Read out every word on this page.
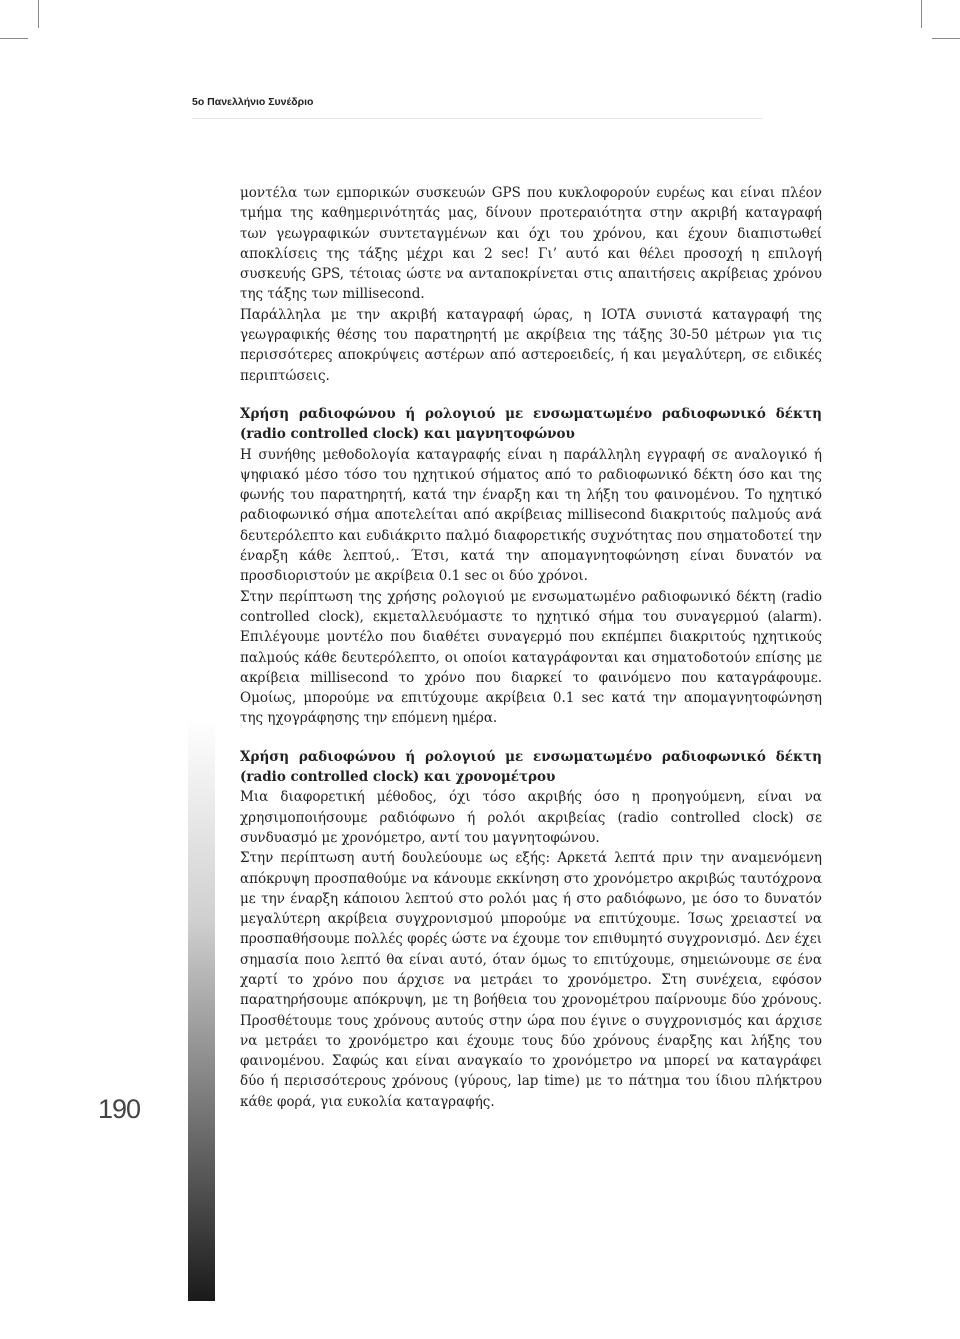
5ο Πανελλήνιο Συνέδριο
190

μοντέλα των εμπορικών συσκευών GPS που κυκλοφορούν ευρέως και είναι πλέον τμήμα της καθημερινότητάς μας, δίνουν προτεραιότητα στην ακριβή καταγραφή των γεωγραφικών συντεταγμένων και όχι του χρόνου, και έχουν διαπιστωθεί αποκλίσεις της τάξης μέχρι και 2 sec! Γι’ αυτό και θέλει προσοχή η επιλογή συσκευής GPS, τέτοιας ώστε να ανταποκρίνεται στις απαιτήσεις ακρίβειας χρόνου της τάξης των millisecond.

Παράλληλα με την ακριβή καταγραφή ώρας, η IOTA συνιστά καταγραφή της γεωγραφικής θέσης του παρατηρητή με ακρίβεια της τάξης 30-50 μέτρων για τις περισσότερες αποκρύψεις αστέρων από αστεροειδείς, ή και μεγαλύτερη, σε ειδικές περιπτώσεις.

Χρήση ραδιοφώνου ή ρολογιού με ενσωματωμένο ραδιοφωνικό δέκτη (radio controlled clock) και μαγνητοφώνου

Η συνήθης μεθοδολογία καταγραφής είναι η παράλληλη εγγραφή σε αναλογικό ή ψηφιακό μέσο τόσο του ηχητικού σήματος από το ραδιοφωνικό δέκτη όσο και της φωνής του παρατηρητή, κατά την έναρξη και τη λήξη του φαινομένου. Το ηχητικό ραδιοφωνικό σήμα αποτελείται από ακρίβειας millisecond διακριτούς παλμούς ανά δευτερόλεπτο και ευδιάκριτο παλμό διαφορετικής συχνότητας που σηματοδοτεί την έναρξη κάθε λεπτού,. Έτσι, κατά την απομαγνητοφώνηση είναι δυνατόν να προσδιοριστούν με ακρίβεια 0.1 sec οι δύο χρόνοι.

Στην περίπτωση της χρήσης ρολογιού με ενσωματωμένο ραδιοφωνικό δέκτη (radio controlled clock), εκμεταλλευόμαστε το ηχητικό σήμα του συναγερμού (alarm). Επιλέγουμε μοντέλο που διαθέτει συναγερμό που εκπέμπει διακριτούς ηχητικούς παλμούς κάθε δευτερόλεπτο, οι οποίοι καταγράφονται και σηματοδοτούν επίσης με ακρίβεια millisecond το χρόνο που διαρκεί το φαινόμενο που καταγράφουμε. Ομοίως, μπορούμε να επιτύχουμε ακρίβεια 0.1 sec κατά την απομαγνητοφώνηση της ηχογράφησης την επόμενη ημέρα.

Χρήση ραδιοφώνου ή ρολογιού με ενσωματωμένο ραδιοφωνικό δέκτη (radio controlled clock) και χρονομέτρου

Μια διαφορετική μέθοδος, όχι τόσο ακριβής όσο η προηγούμενη, είναι να χρησιμοποιήσουμε ραδιόφωνο ή ρολόι ακριβείας (radio controlled clock) σε συνδυασμό με χρονόμετρο, αντί του μαγνητοφώνου.

Στην περίπτωση αυτή δουλεύουμε ως εξής: Αρκετά λεπτά πριν την αναμενόμενη απόκρυψη προσπαθούμε να κάνουμε εκκίνηση στο χρονόμετρο ακριβώς ταυτόχρονα με την έναρξη κάποιου λεπτού στο ρολόι μας ή στο ραδιόφωνο, με όσο το δυνατόν μεγαλύτερη ακρίβεια συγχρονισμού μπορούμε να επιτύχουμε. Ίσως χρειαστεί να προσπαθήσουμε πολλές φορές ώστε να έχουμε τον επιθυμητό συγχρονισμό. Δεν έχει σημασία ποιο λεπτό θα είναι αυτό, όταν όμως το επιτύχουμε, σημειώνουμε σε ένα χαρτί το χρόνο που άρχισε να μετράει το χρονόμετρο. Στη συνέχεια, εφόσον παρατηρήσουμε απόκρυψη, με τη βοήθεια του χρονομέτρου παίρνουμε δύο χρόνους. Προσθέτουμε τους χρόνους αυτούς στην ώρα που έγινε ο συγχρονισμός και άρχισε να μετράει το χρονόμετρο και έχουμε τους δύο χρόνους έναρξης και λήξης του φαινομένου. Σαφώς και είναι αναγκαίο το χρονόμετρο να μπορεί να καταγράφει δύο ή περισσότερους χρόνους (γύρους, lap time) με το πάτημα του ίδιου πλήκτρου κάθε φορά, για ευκολία καταγραφής.
